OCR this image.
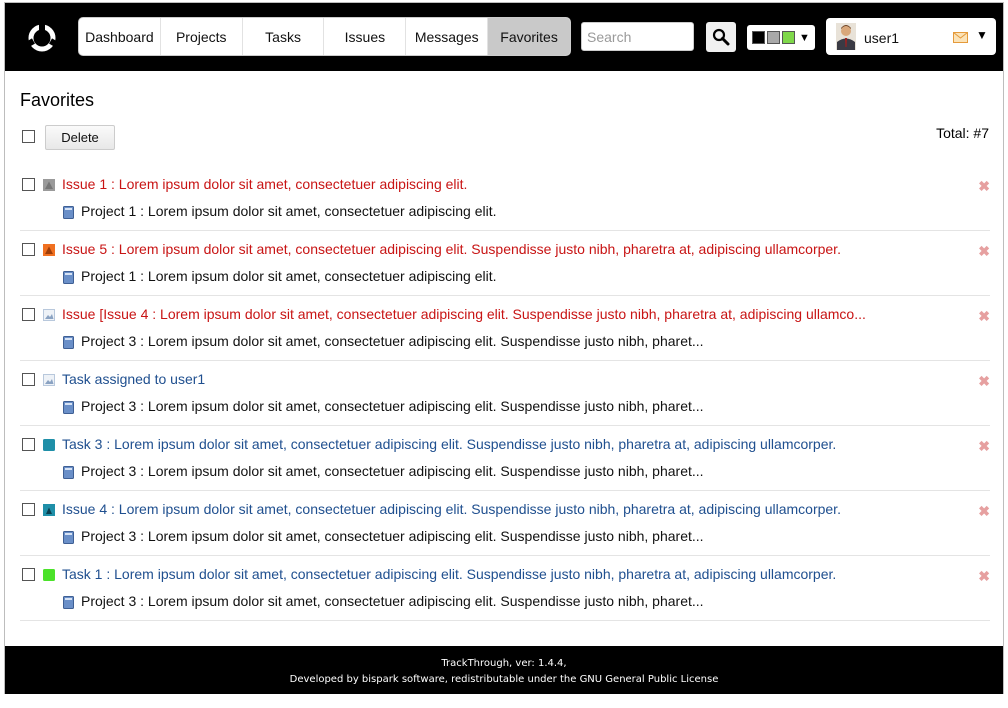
Dashboard	Projects	Tasks	Issues	Messages	Favorites
Search	▼	user1	▼
Favorites
Delete	Total: #7
Issue 1 : Lorem ipsum dolor sit amet, consectetuer adipiscing elit.
Project 1 : Lorem ipsum dolor sit amet, consectetuer adipiscing elit.
✖
Issue 5 : Lorem ipsum dolor sit amet, consectetuer adipiscing elit. Suspendisse justo nibh, pharetra at, adipiscing ullamcorper.
Project 1 : Lorem ipsum dolor sit amet, consectetuer adipiscing elit.
✖
Issue [Issue 4 : Lorem ipsum dolor sit amet, consectetuer adipiscing elit. Suspendisse justo nibh, pharetra at, adipiscing ullamco...
Project 3 : Lorem ipsum dolor sit amet, consectetuer adipiscing elit. Suspendisse justo nibh, pharet...
✖
Task assigned to user1
Project 3 : Lorem ipsum dolor sit amet, consectetuer adipiscing elit. Suspendisse justo nibh, pharet...
✖
Task 3 : Lorem ipsum dolor sit amet, consectetuer adipiscing elit. Suspendisse justo nibh, pharetra at, adipiscing ullamcorper.
Project 3 : Lorem ipsum dolor sit amet, consectetuer adipiscing elit. Suspendisse justo nibh, pharet...
✖
Issue 4 : Lorem ipsum dolor sit amet, consectetuer adipiscing elit. Suspendisse justo nibh, pharetra at, adipiscing ullamcorper.
Project 3 : Lorem ipsum dolor sit amet, consectetuer adipiscing elit. Suspendisse justo nibh, pharet...
✖
Task 1 : Lorem ipsum dolor sit amet, consectetuer adipiscing elit. Suspendisse justo nibh, pharetra at, adipiscing ullamcorper.
Project 3 : Lorem ipsum dolor sit amet, consectetuer adipiscing elit. Suspendisse justo nibh, pharet...
✖
TrackThrough, ver: 1.4.4,
Developed by bispark software, redistributable under the GNU General Public License
